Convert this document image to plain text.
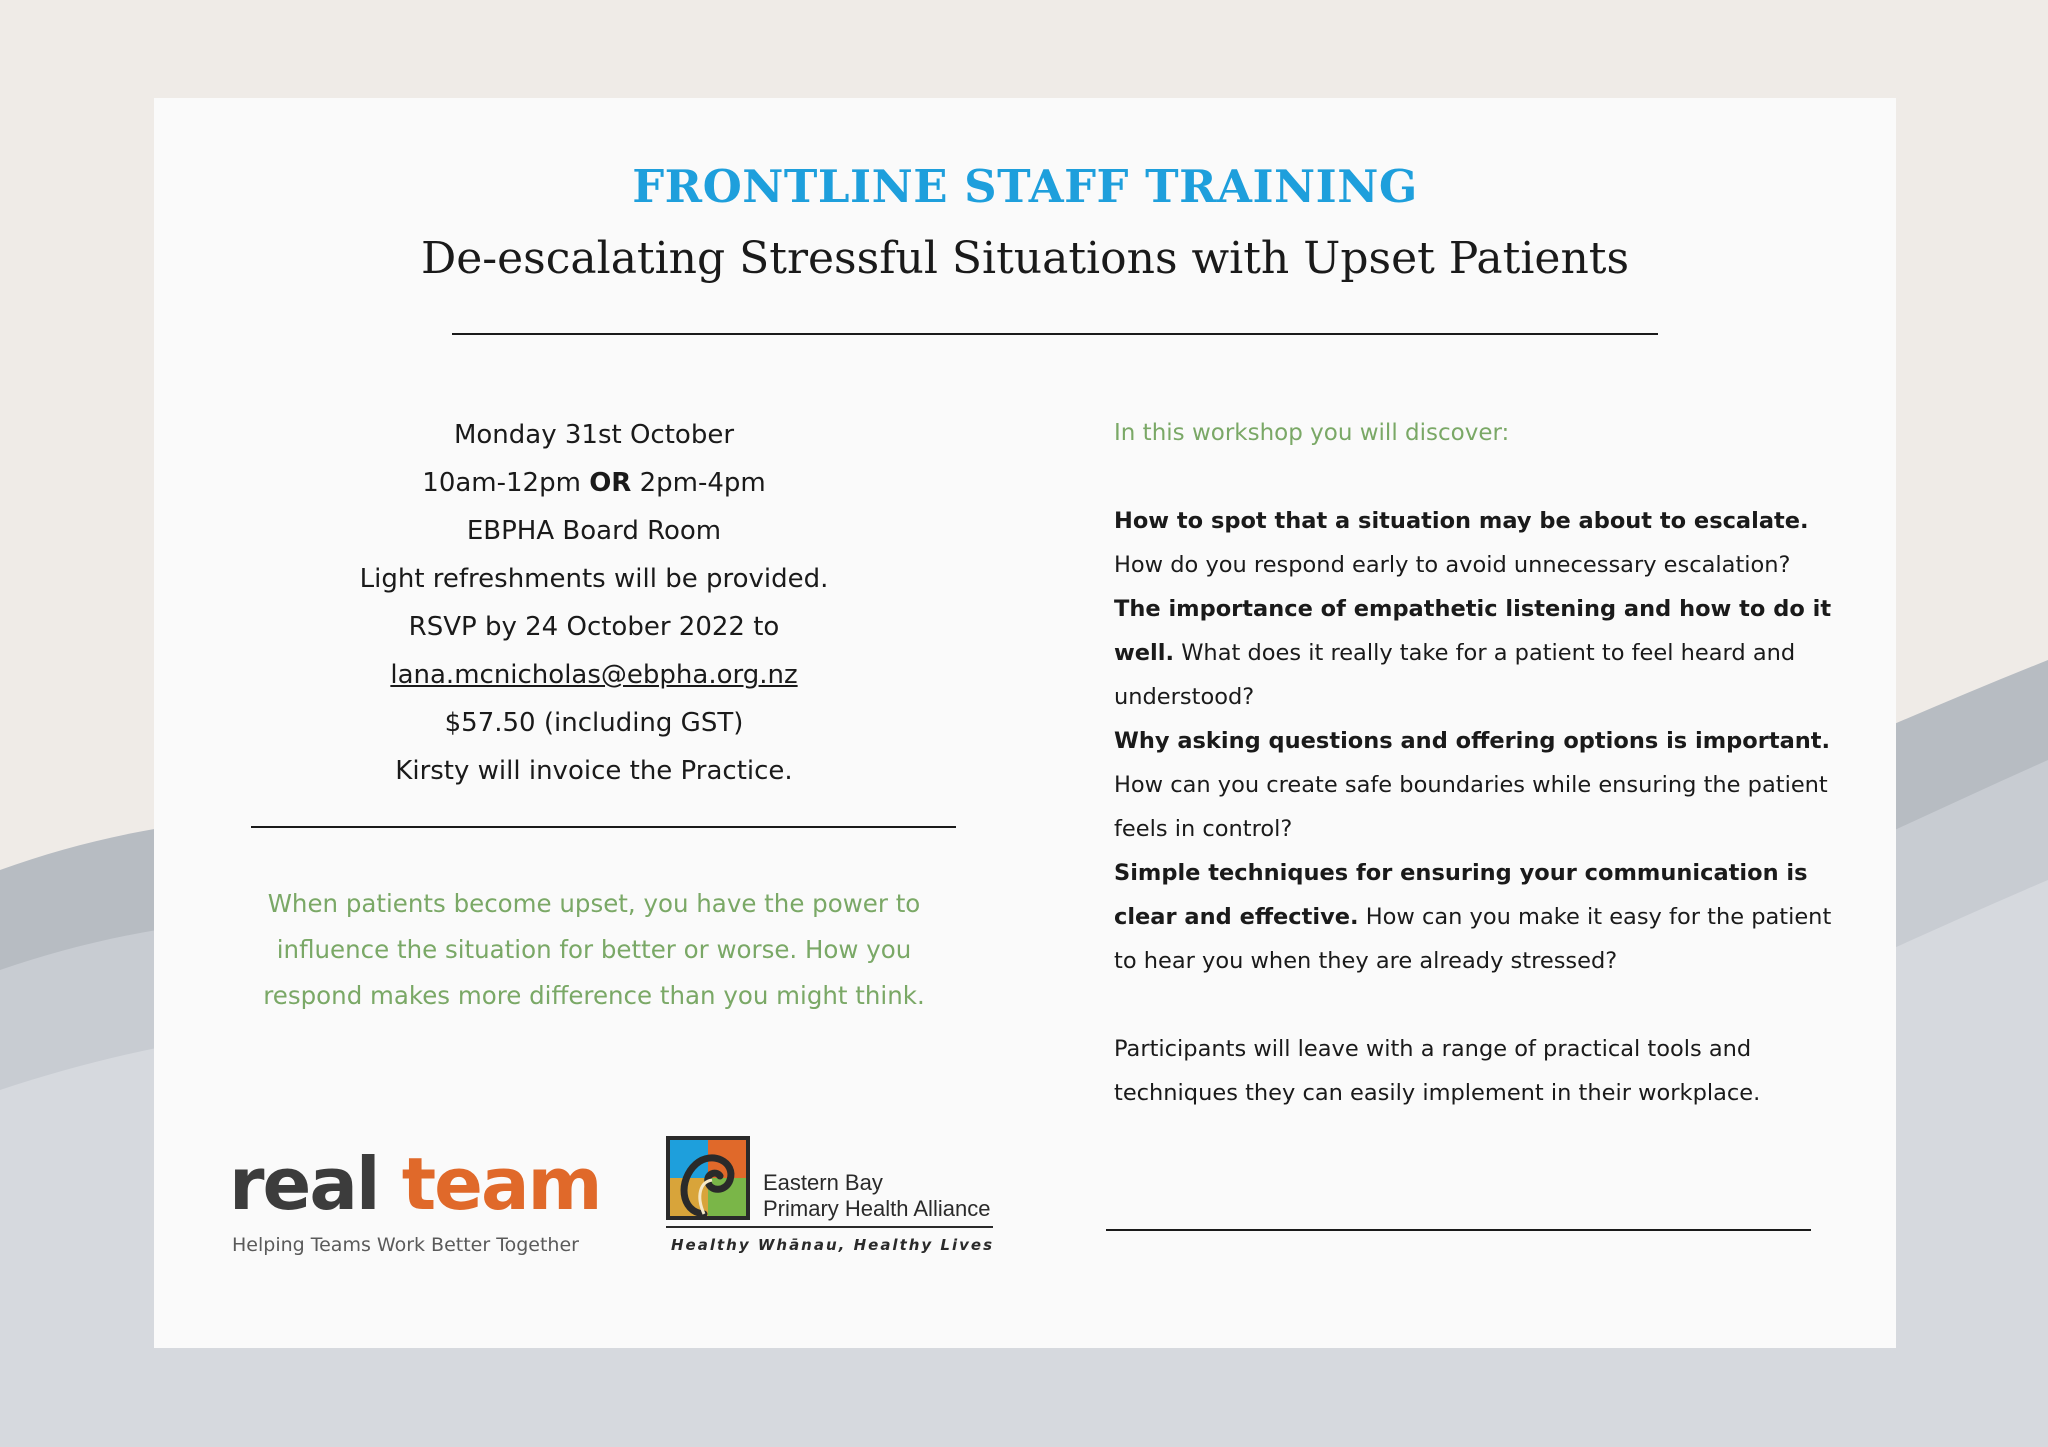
FRONTLINE STAFF TRAINING
De-escalating Stressful Situations with Upset Patients
Monday 31st October
10am-12pm OR 2pm-4pm
EBPHA Board Room
Light refreshments will be provided.
RSVP by 24 October 2022 to
lana.mcnicholas@ebpha.org.nz
$57.50 (including GST)
Kirsty will invoice the Practice.
When patients become upset, you have the power to influence the situation for better or worse. How you respond makes more difference than you might think.
In this workshop you will discover:
How to spot that a situation may be about to escalate. How do you respond early to avoid unnecessary escalation?
The importance of empathetic listening and how to do it well. What does it really take for a patient to feel heard and understood?
Why asking questions and offering options is important. How can you create safe boundaries while ensuring the patient feels in control?
Simple techniques for ensuring your communication is clear and effective. How can you make it easy for the patient to hear you when they are already stressed?
Participants will leave with a range of practical tools and techniques they can easily implement in their workplace.
real team
Helping Teams Work Better Together
Eastern Bay
Primary Health Alliance
Healthy Whānau, Healthy Lives
